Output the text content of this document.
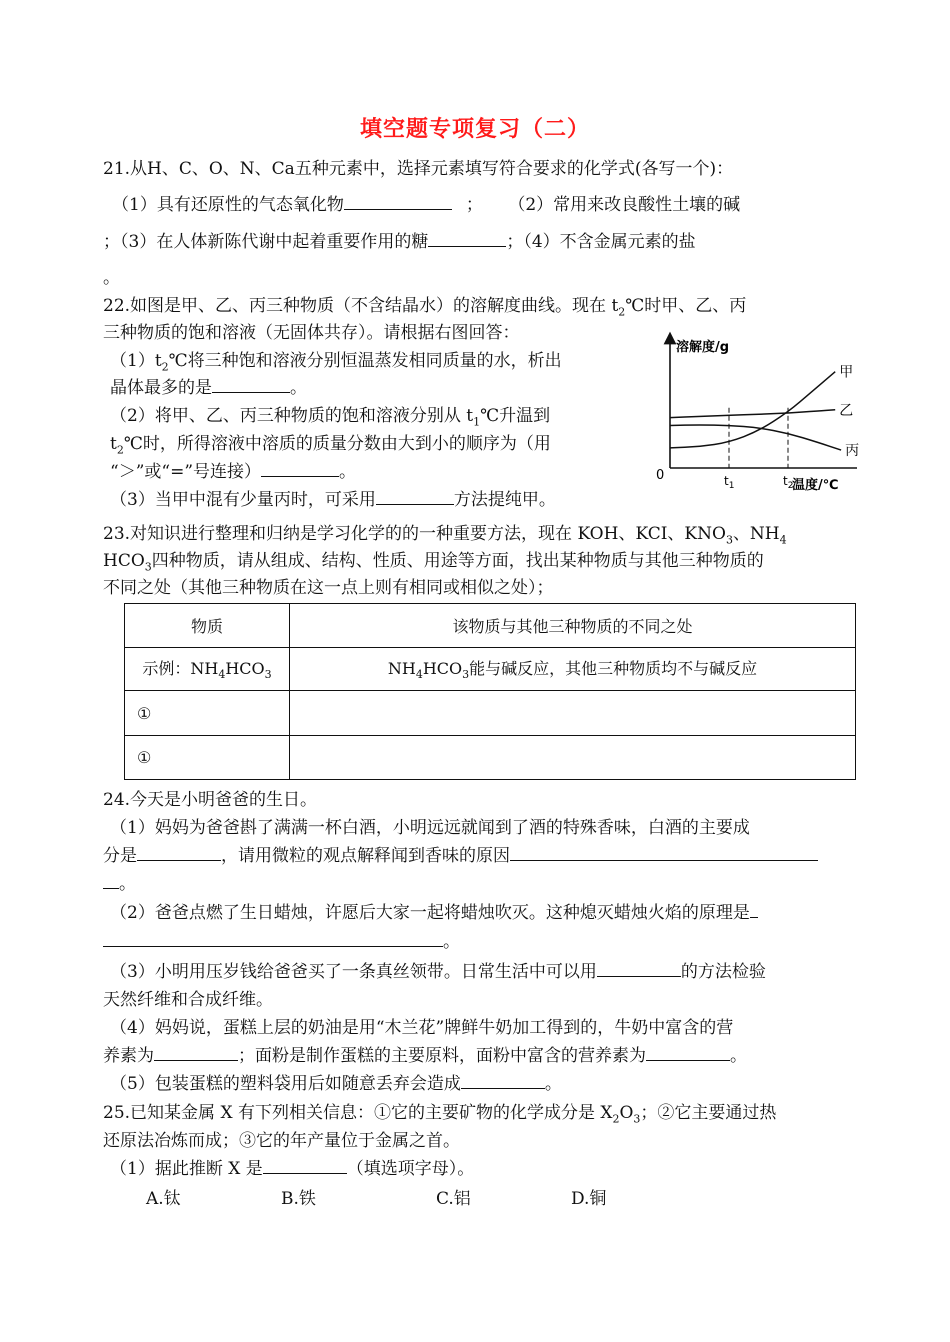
填空题专项复习（二）
21.从H、C、O、N、Ca五种元素中，选择元素填写符合要求的化学式(各写一个)：
（1）具有还原性的气态氧化物	； （2）常用来改良酸性土壤的碱
；（3）在人体新陈代谢中起着重要作用的糖	；（4）不含金属元素的盐
。
22.如图是甲、乙、丙三种物质（不含结晶水）的溶解度曲线。现在 $t_2℃$时甲、乙、丙
三种物质的饱和溶液（无固体共存）。请根据右图回答：
$(1)t_2℃$将三种饱和溶液分别恒温蒸发相同质量的水，析出
晶体最多的是	。
（2）将甲、乙、丙三种物质的饱和溶液分别从 $t_1℃$升温到
$t_2℃$时，所得溶液中溶质的质量分数由大到小的顺序为（用
“＞”或“=”号连接）	。
（3）当甲中混有少量丙时，可采用	方法提纯甲。
溶解度/g
温度/℃
0
甲
乙
丙
$t_1$	$t_2$
23.对知识进行整理和归纳是学习化学的的一种重要方法，现在 KOH、KCI、$KNO_3$、$NH_4$
$HCO_3$四种物质，请从组成、结构、性质、用途等方面，找出某种物质与其他三种物质的
不同之处（其他三种物质在这一点上则有相同或相似之处）；
物质	该物质与其他三种物质的不同之处
示例：$NH_4HCO_3$	$NH_4HCO_3$能与碱反应，其他三种物质均不与碱反应
①	
①	
24.今天是小明爸爸的生日。
（1）妈妈为爸爸斟了满满一杯白酒，小明远远就闻到了酒的特殊香味，白酒的主要成
分是	，请用微粒的观点解释闻到香味的原因
。
（2）爸爸点燃了生日蜡烛，许愿后大家一起将蜡烛吹灭。这种熄灭蜡烛火焰的原理是
。
（3）小明用压岁钱给爸爸买了一条真丝领带。日常生活中可以用	的方法检验
天然纤维和合成纤维。
（4）妈妈说，蛋糕上层的奶油是用“木兰花”牌鲜牛奶加工得到的，牛奶中富含的营
养素为	；面粉是制作蛋糕的主要原料，面粉中富含的营养素为	。
（5）包装蛋糕的塑料袋用后如随意丢弃会造成	。
25.已知某金属 X 有下列相关信息：①它的主要矿物的化学成分是 $X_2O_3$；②它主要通过热
还原法冶炼而成；③它的年产量位于金属之首。
（1）据此推断 X 是	（填选项字母）。
A.钛	B.铁	C.铝	D.铜
